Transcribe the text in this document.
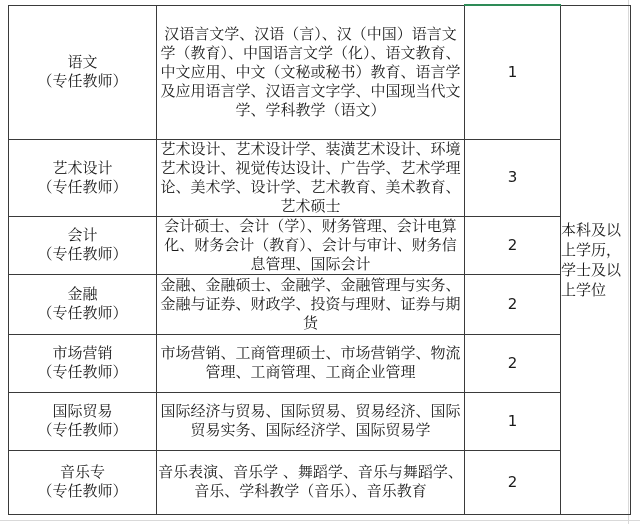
语文
（专任教师）	汉语言文学、汉语（言）、汉（中国）语言文学（教育）、中国语言文学（化）、语文教育、中文应用、中文（文秘或秘书）教育、语言学及应用语言学、汉语言文字学、中国现当代文学、学科教学（语文）	1	本科及以上学历，学士及以上学位

艺术设计
（专任教师）	艺术设计、艺术设计学、装潢艺术设计、环境艺术设计、视觉传达设计、广告学、艺术学理论、美术学、设计学、艺术教育、美术教育、艺术硕士	3	

会计
（专任教师）	会计硕士、会计（学）、财务管理、会计电算化、财务会计（教育）、会计与审计、财务信息管理、国际会计	2	

金融
（专任教师）	金融、金融硕士、金融学、金融管理与实务、金融与证券、财政学、投资与理财、证券与期货	2	

市场营销
（专任教师）	市场营销、工商管理硕士、市场营销学、物流管理、工商管理、工商企业管理	2	

国际贸易
（专任教师）	国际经济与贸易、国际贸易、贸易经济、国际贸易实务、国际经济学、国际贸易学	1	

音乐专
（专任教师）	音乐表演、音乐学 、舞蹈学、音乐与舞蹈学、音乐、学科教学（音乐）、音乐教育	2	
